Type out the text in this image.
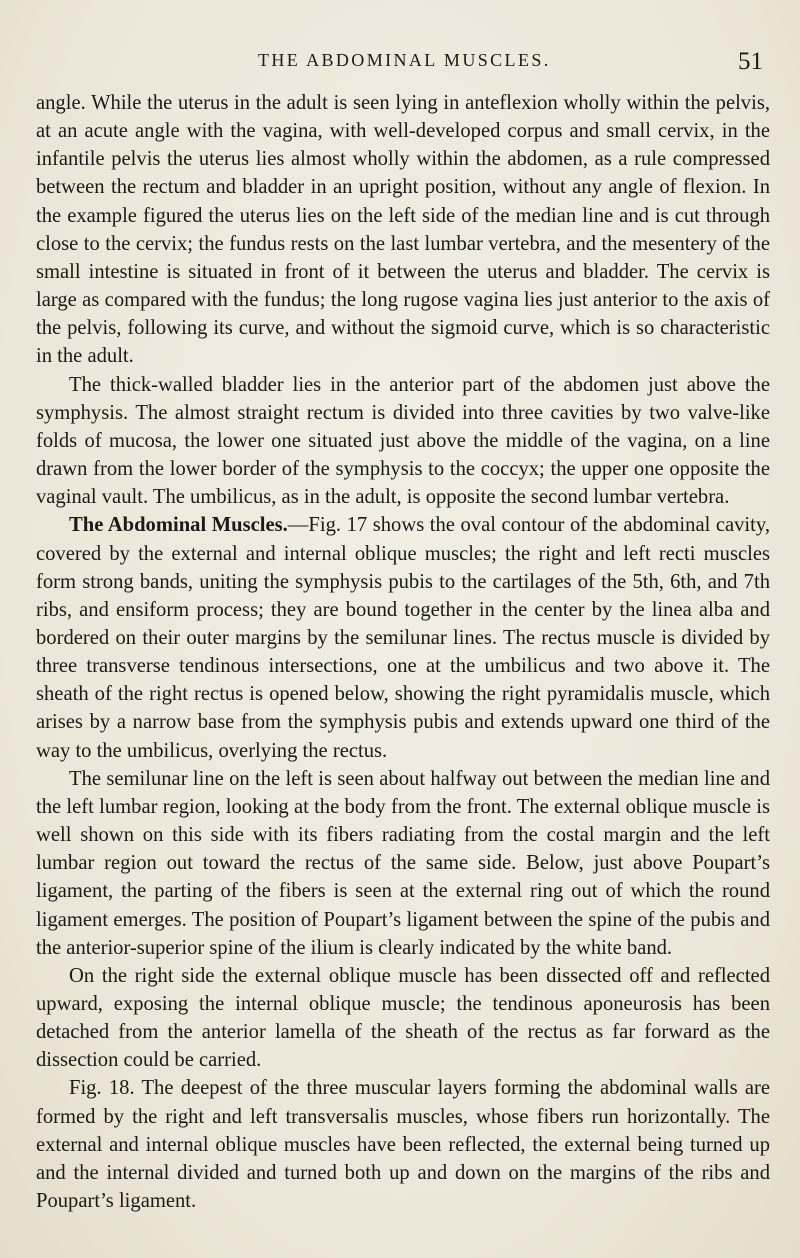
THE ABDOMINAL MUSCLES.	51

angle. While the uterus in the adult is seen lying in anteflexion wholly within the pelvis, at an acute angle with the vagina, with well-developed corpus and small cervix, in the infantile pelvis the uterus lies almost wholly within the abdomen, as a rule compressed between the rectum and bladder in an upright position, without any angle of flexion. In the example figured the uterus lies on the left side of the median line and is cut through close to the cervix; the fundus rests on the last lumbar vertebra, and the mesentery of the small intestine is situated in front of it between the uterus and bladder. The cervix is large as compared with the fundus; the long rugose vagina lies just anterior to the axis of the pelvis, following its curve, and without the sigmoid curve, which is so characteristic in the adult.

The thick-walled bladder lies in the anterior part of the abdomen just above the symphysis. The almost straight rectum is divided into three cavities by two valve-like folds of mucosa, the lower one situated just above the middle of the vagina, on a line drawn from the lower border of the symphysis to the coccyx; the upper one opposite the vaginal vault. The umbilicus, as in the adult, is opposite the second lumbar vertebra.

The Abdominal Muscles.—Fig. 17 shows the oval contour of the abdominal cavity, covered by the external and internal oblique muscles; the right and left recti muscles form strong bands, uniting the symphysis pubis to the cartilages of the 5th, 6th, and 7th ribs, and ensiform process; they are bound together in the center by the linea alba and bordered on their outer margins by the semilunar lines. The rectus muscle is divided by three transverse tendinous intersections, one at the umbilicus and two above it. The sheath of the right rectus is opened below, showing the right pyramidalis muscle, which arises by a narrow base from the symphysis pubis and extends upward one third of the way to the umbilicus, overlying the rectus.

The semilunar line on the left is seen about halfway out between the median line and the left lumbar region, looking at the body from the front. The external oblique muscle is well shown on this side with its fibers radiating from the costal margin and the left lumbar region out toward the rectus of the same side. Below, just above Poupart’s ligament, the parting of the fibers is seen at the external ring out of which the round ligament emerges. The position of Poupart’s ligament between the spine of the pubis and the anterior-superior spine of the ilium is clearly indicated by the white band.

On the right side the external oblique muscle has been dissected off and reflected upward, exposing the internal oblique muscle; the tendinous aponeurosis has been detached from the anterior lamella of the sheath of the rectus as far forward as the dissection could be carried.

Fig. 18. The deepest of the three muscular layers forming the abdominal walls are formed by the right and left transversalis muscles, whose fibers run horizontally. The external and internal oblique muscles have been reflected, the external being turned up and the internal divided and turned both up and down on the margins of the ribs and Poupart’s ligament.
